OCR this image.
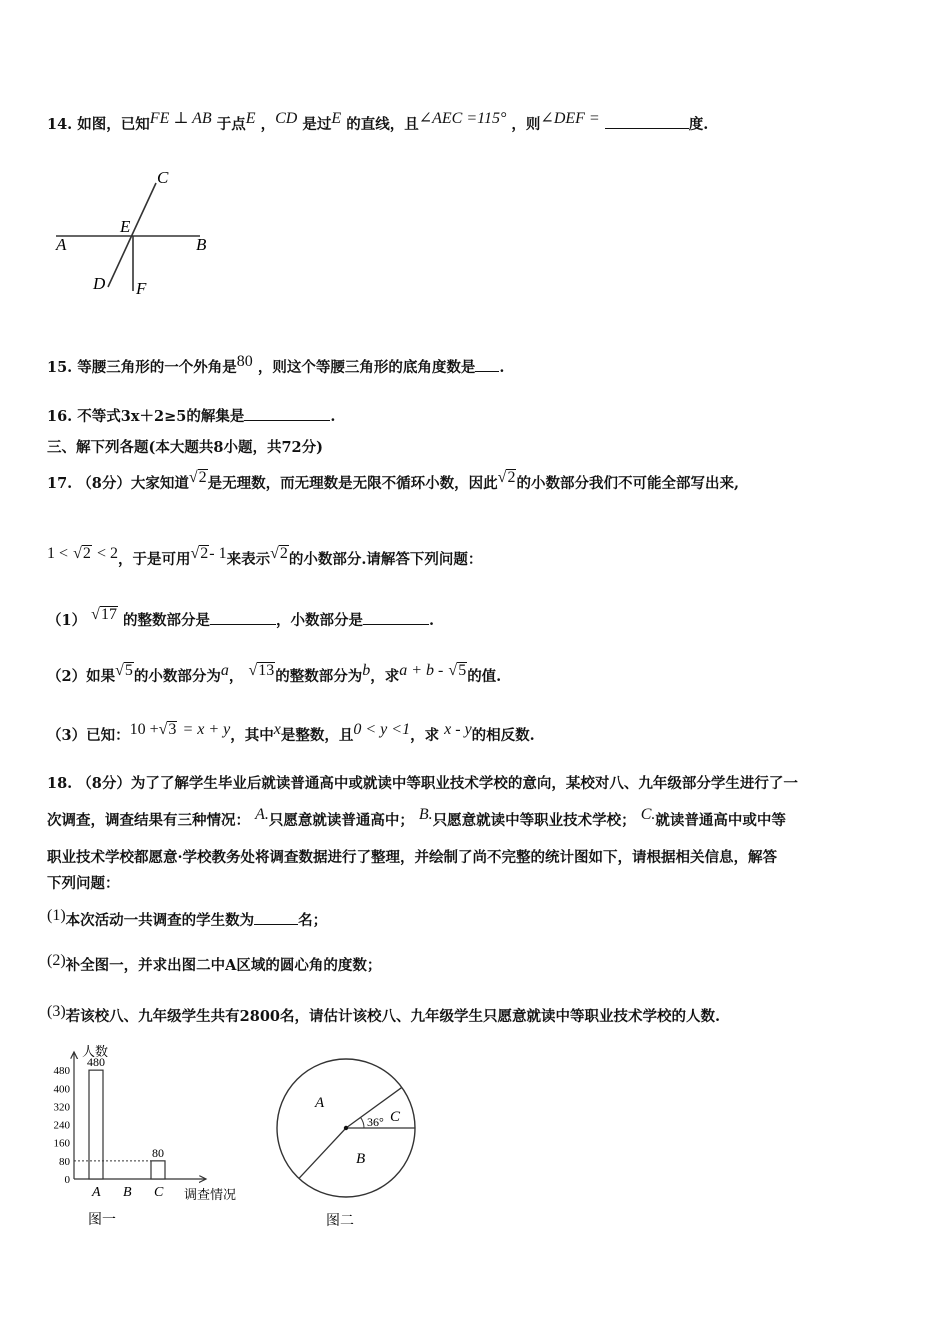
14. 如图，已知FE ⊥ AB 于点E ，CD 是过E 的直线，且∠AEC =115° ，则∠DEF =	度.
C
E
A	B
D F
15. 等腰三角形的一个外角是80 ，则这个等腰三角形的底角度数是 .
16. 不等式3x＋2≥5的解集是	.
三、解下列各题(本大题共8小题，共72分)
17. （8分）大家知道√2是无理数，而无理数是无限不循环小数，因此√2的小数部分我们不可能全部写出来,
1 < √2 < 2，于是可用√2- 1来表示√2的小数部分.请解答下列问题：
（1） √17 的整数部分是	，小数部分是	.
（2）如果√5的小数部分为a， √13的整数部分为b，求a + b - √5的值.
（3）已知：10 +√3 = x + y，其中x是整数，且0 < y <1，求 x - y的相反数.
18. （8分）为了了解学生毕业后就读普通高中或就读中等职业技术学校的意向，某校对八、九年级部分学生进行了一
次调查，调查结果有三种情况： A.只愿意就读普通高中； B.只愿意就读中等职业技术学校； C.就读普通高中或中等
职业技术学校都愿意·学校教务处将调查数据进行了整理，并绘制了尚不完整的统计图如下，请根据相关信息，解答
下列问题：
(1)本次活动一共调查的学生数为	名；
(2)补全图一，并求出图二中A区域的圆心角的度数；
(3)若该校八、九年级学生共有2800名，请估计该校八、九年级学生只愿意就读中等职业技术学校的人数.
人数
调查情况
0
80
160
240
320
400
480
A
480
B C
80
图一
36°
A
B
C
图二
